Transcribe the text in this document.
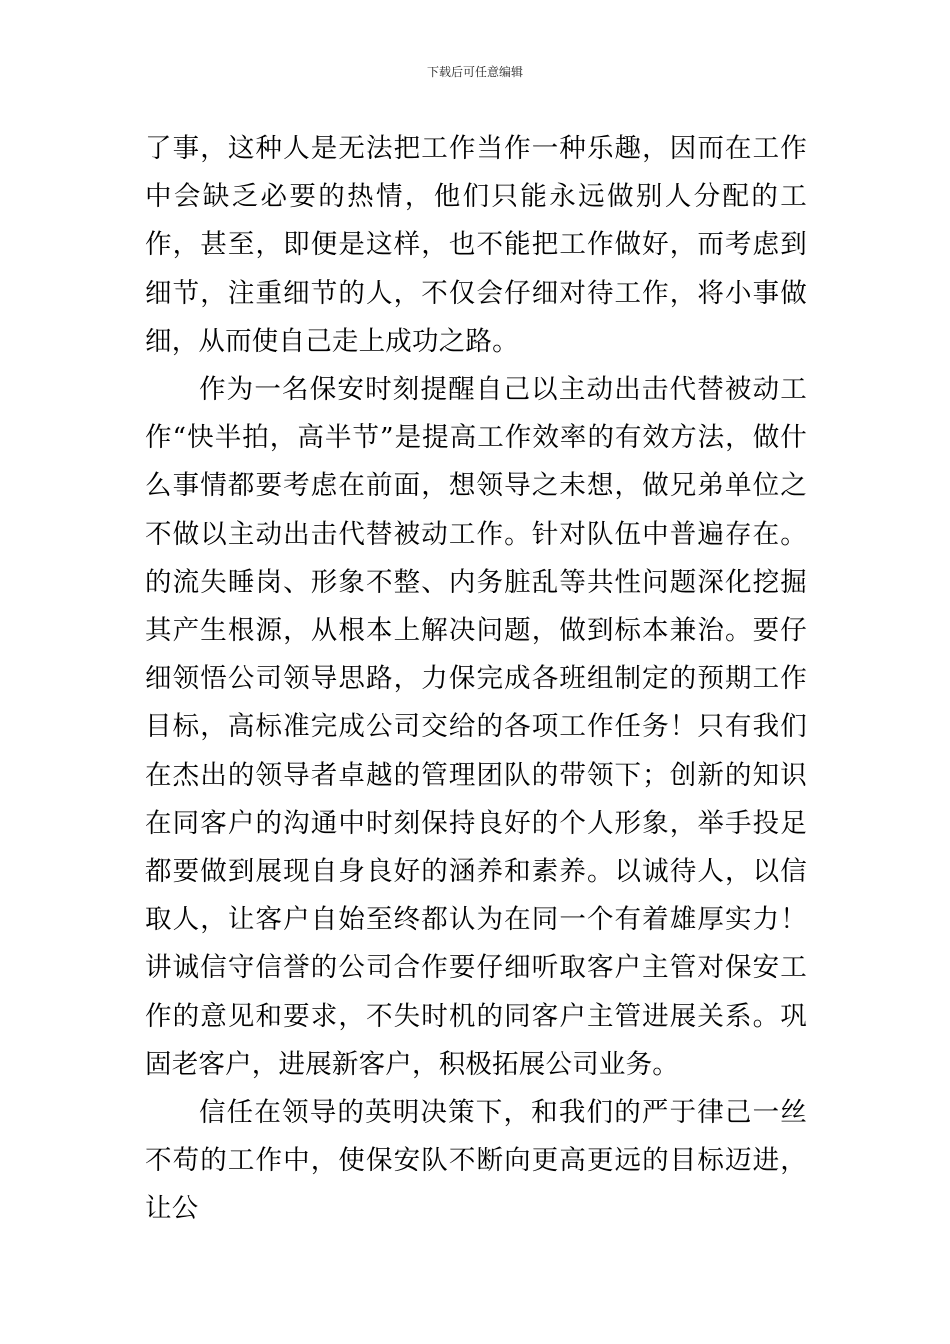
下载后可任意编辑

了事，这种人是无法把工作当作一种乐趣，因而在工作中会缺乏必要的热情，他们只能永远做别人分配的工作，甚至，即便是这样，也不能把工作做好，而考虑到细节，注重细节的人，不仅会仔细对待工作，将小事做细，从而使自己走上成功之路。

作为一名保安时刻提醒自己以主动出击代替被动工作“快半拍，高半节”是提高工作效率的有效方法，做什么事情都要考虑在前面，想领导之未想，做兄弟单位之不做以主动出击代替被动工作。针对队伍中普遍存在。的流失睡岗、形象不整、内务脏乱等共性问题深化挖掘其产生根源，从根本上解决问题，做到标本兼治。要仔细领悟公司领导思路，力保完成各班组制定的预期工作目标，高标准完成公司交给的各项工作任务！只有我们在杰出的领导者卓越的管理团队的带领下；创新的知识在同客户的沟通中时刻保持良好的个人形象，举手投足都要做到展现自身良好的涵养和素养。以诚待人，以信取人，让客户自始至终都认为在同一个有着雄厚实力！讲诚信守信誉的公司合作要仔细听取客户主管对保安工作的意见和要求，不失时机的同客户主管进展关系。巩固老客户，进展新客户，积极拓展公司业务。

信任在领导的英明决策下，和我们的严于律己一丝不苟的工作中，使保安队不断向更高更远的目标迈进，让公
